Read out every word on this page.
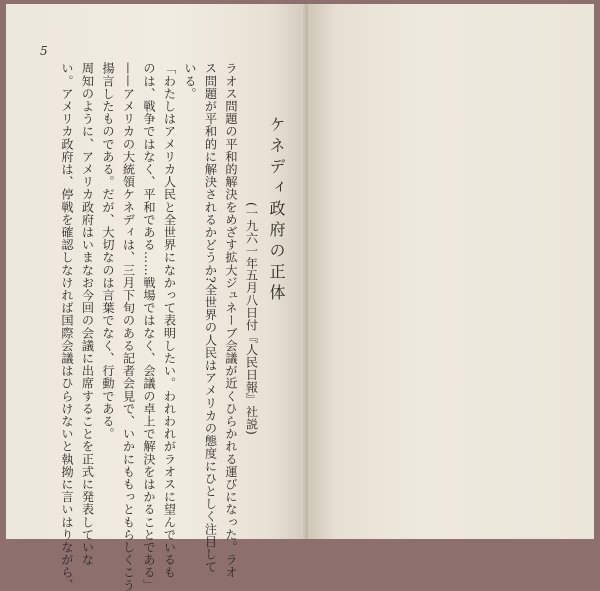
5
ケネディ政府の正体
(一九六一年五月八日付『人民日報』社説)
ラオス問題の平和的解決をめざす拡大ジュネーブ会議が近くひらかれる運びになった。ラオ
ス問題が平和的に解決されるかどうか?全世界の人民はアメリカの態度にひとしく注目して
いる。
「わたしはアメリカ人民と全世界になかって表明したい。われわれがラオスに望んでいるも
のは、戦争ではなく、平和である……戦場ではなく、会議の卓上で解決をはかることである」
——アメリカの大統領ケネディは、三月下旬のある記者会見で、いかにももっともらしくこう
揚言したものである。だが、大切なのは言葉でなく、行動である。
周知のように、アメリカ政府はいまなお今回の会議に出席することを正式に発表していな
い。アメリカ政府は、停戦を確認しなければ国際会議はひらけないと執拗に言いはりながら、
